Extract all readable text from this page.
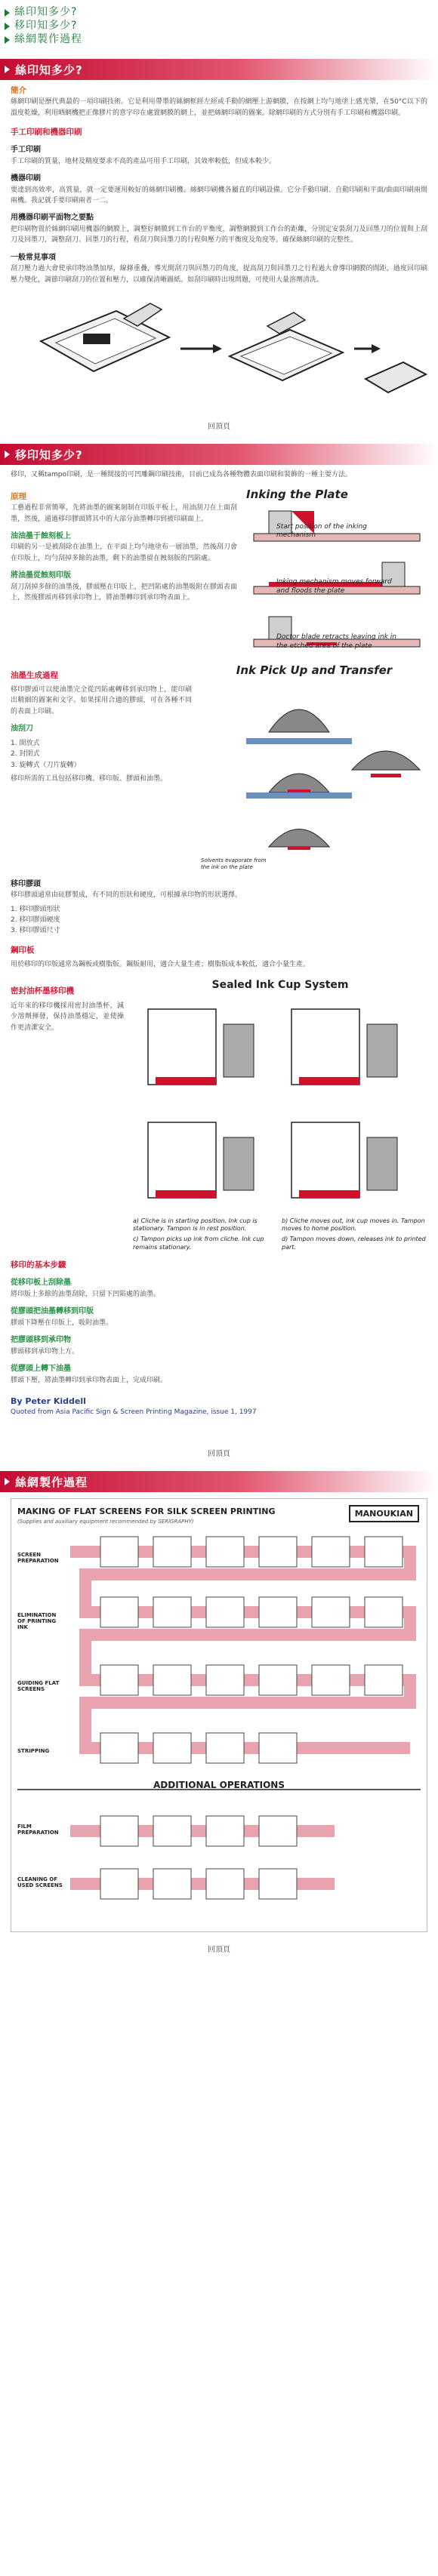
絲印知多少?
移印知多少?
絲網製作過程
絲印知多少?
簡介

絲網印刷是歷代典最的一項印刷技術。它是利用帶墨的絲網框經左經或手動的網壓上游網膜，在按網上均勻地塗上感光漿，在50°C以下的溫度乾燥，利用晒網機把正像膠片的意字印在處置網膜的網上，並把絲網印刷的圖案。除網印刷的方式分別有手工印刷和機器印刷。

手工印刷和機器印刷
手工印刷

手工印刷的質量，地材及精度要求不高的產品可用手工印刷，其效率較低，但成本較少。

機器印刷

要達到高效率，高質量，就一定要運用較好的絲網印刷機。絲網印刷機各屬直的印刷設備。它分手動印刷、自動印刷和平面/曲面印刷兩間兩機。我記就手要印刷兩者一二。

用機器印刷平面物之要點

把印刷物置於絲網印刷用機器的網膜上，調整好網膜到工作台的平衡度，調整網膜到工作台的距離，分別定安裝刮刀及回墨刀的位置與上刮刀及回墨刀，調整刮刀、回墨刀的行程，看刮刀與回墨刀的行程與壓力的平衡度及角度等。確保絲網印刷的完整性。

一般常見事項

刮刀壓力過大會使承印物油墨加厚，線條重疊，導光間刮刀與回墨刀的角度，提高刮刀與回墨刀之行程過大會導印網膜的間距，過度回印刷壓力變化，調節印刷刮刀的位置和壓力，以確保清晰圖紙。如刮印刷時出現問題，可使用大量溶劑清洗。

回頂頁
移印知多少?

移印，又稱tampo印刷，是一種間接的可凹雕鋼印刷技術，目前已成為各種物體表面印刷和裝飾的一種主要方法。

原理

工藝過程非常簡單，先將油墨的圖案刻制在印版平板上，用油刮刀在上面刮墨，然後，通過移印膠頭將其中的大部分油墨轉印到被印刷面上。

油油墨于蝕刻板上

印刷的另一是被刮除在油墨上，在平面上均勻地塗布一層油墨，然後刮刀會在印版上，均勻刮掉多餘的油墨，剩下的油墨留在蝕刻版的凹陷處。

將油墨從蝕刻印版

刮刀刮掉多餘的油墨後，膠頭壓在印版上，把凹陷處的油墨吸附在膠頭表面上，然後膠頭再移到承印物上，將油墨轉印到承印物表面上。

Inking the Plate
Start position of the inking mechanism
Inking mechanism moves forward and floods the plate
Doctor blade retracts leaving ink in the etched area of the plate
油墨生成過程

移印膠頭可以使油墨完全從凹陷處轉移到承印物上，能印刷出精細的圖案和文字。如果採用合適的膠頭，可在各種不同的表面上印刷。

油刮刀
1. 開放式
2. 封閉式
3. 旋轉式（刀片旋轉）

移印所需的工具包括移印機、移印版、膠頭和油墨。

Ink Pick Up and Transfer
Solvents evaporate from the ink on the plate
移印膠頭

移印膠頭通常由硅膠製成，有不同的形狀和硬度，可根據承印物的形狀選擇。

1. 移印膠頭形狀
2. 移印膠頭硬度
3. 移印膠頭尺寸
鋼印板

用於移印的印版通常為鋼板或樹脂版。鋼版耐用，適合大量生產；樹脂版成本較低，適合小量生產。

密封油杯墨移印機

近年來的移印機採用密封油墨杯，減少溶劑揮發，保持油墨穩定，並使操作更清潔安全。

Sealed Ink Cup System
a) Cliche is in starting position. Ink cup is stationary. Tampon is in rest position.
b) Cliche moves out, ink cup moves in. Tampon moves to home position.
c) Tampon picks up ink from cliche. Ink cup remains stationary.
d) Tampon moves down, releases ink to printed part.
移印的基本步驟
從移印板上刮除墨

將印版上多餘的油墨刮除，只留下凹陷處的油墨。

從膠頭把油墨轉移到印版

膠頭下降壓在印版上，吸附油墨。

把膠頭移到承印物

膠頭移到承印物上方。

從膠頭上轉下油墨

膠頭下壓，將油墨轉印到承印物表面上，完成印刷。

By Peter Kiddell
Quoted from Asia Pacific Sign & Screen Printing Magazine, issue 1, 1997
回頂頁
絲網製作過程
MAKING OF FLAT SCREENS FOR SILK SCREEN PRINTING
(Supplies and auxiliary equipment recommended by SERIGRAPHY)
MANOUKIAN
SCREEN PREPARATION
ELIMINATION OF PRINTING INK
GUIDING FLAT SCREENS
STRIPPING
ADDITIONAL OPERATIONS
FILM PREPARATION
CLEANING OF USED SCREENS
回頂頁
